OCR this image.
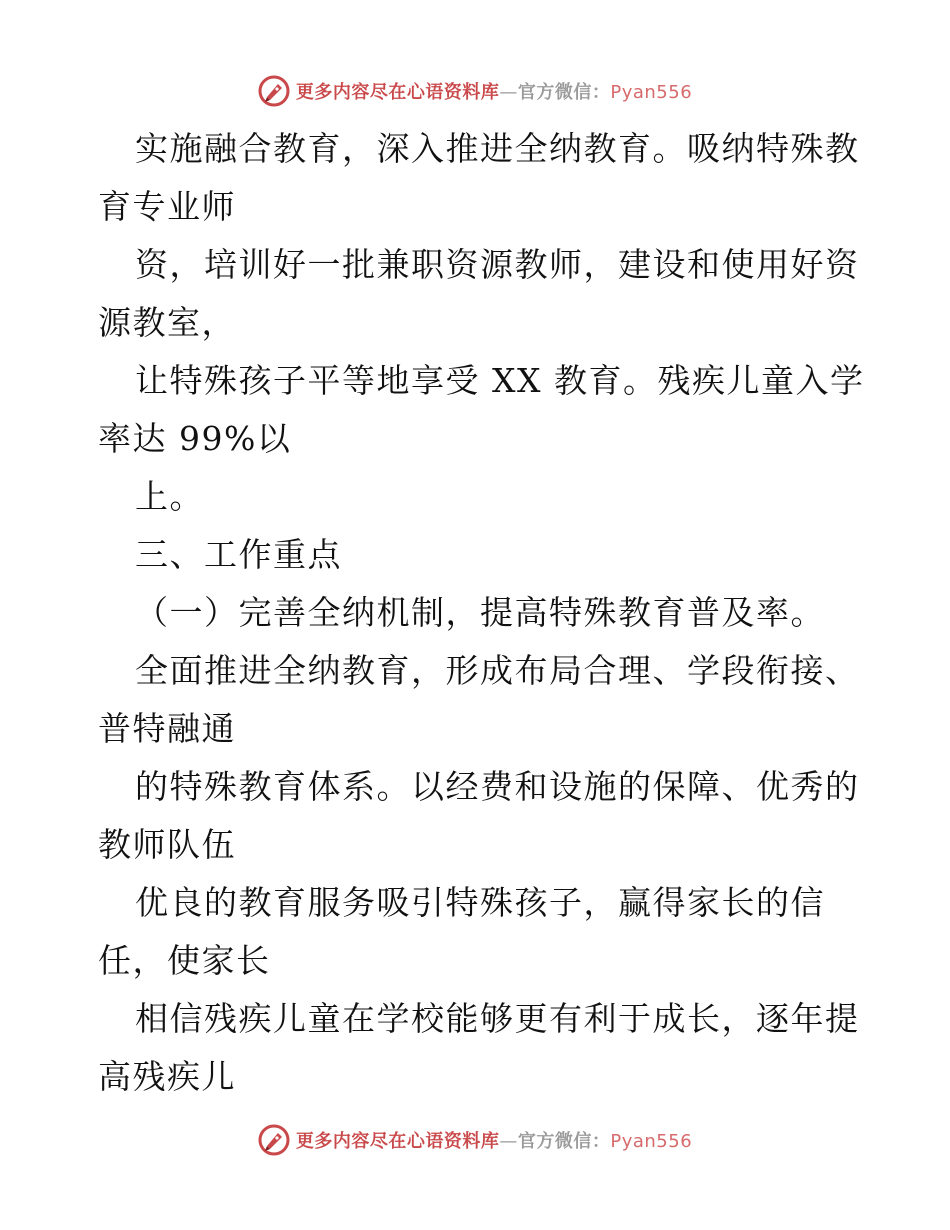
更多内容尽在心语资料库—官方微信：Pyan556
实施融合教育，深入推进全纳教育。吸纳特殊教
育专业师
资，培训好一批兼职资源教师，建设和使用好资
源教室，
让特殊孩子平等地享受 XX 教育。残疾儿童入学
率达 99%以
上。
三、工作重点
（一）完善全纳机制，提高特殊教育普及率。
全面推进全纳教育，形成布局合理、学段衔接、
普特融通
的特殊教育体系。以经费和设施的保障、优秀的
教师队伍
优良的教育服务吸引特殊孩子，赢得家长的信
任，使家长
相信残疾儿童在学校能够更有利于成长，逐年提
高残疾儿
更多内容尽在心语资料库—官方微信：Pyan556
